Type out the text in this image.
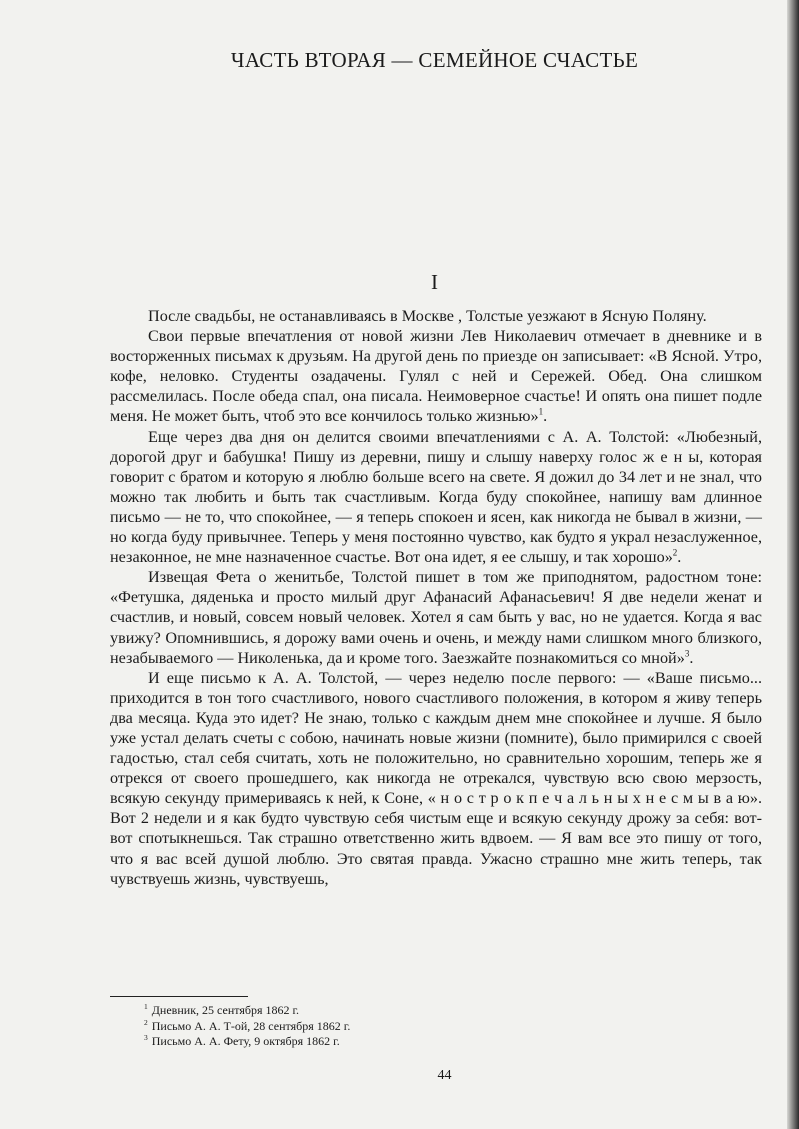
ЧАСТЬ ВТОРАЯ — СЕМЕЙНОЕ СЧАСТЬЕ
I

После свадьбы, не останавливаясь в Москве , Толстые уезжают в Ясную Поляну.

Свои первые впечатления от новой жизни Лев Николаевич отмечает в дневнике и в восторженных письмах к друзьям. На другой день по приезде он записывает: «В Ясной. Утро, кофе, неловко. Студенты озадачены. Гулял с ней и Сережей. Обед. Она слишком рассмелилась. После обеда спал, она писала. Неимоверное счастье! И опять она пишет подле меня. Не может быть, чтоб это все кончилось только жизнью»$^1$.

Еще через два дня он делится своими впечатлениями с А. А. Толстой: «Любезный, дорогой друг и бабушка! Пишу из деревни, пишу и слышу наверху голос ж е н ы, которая говорит с братом и которую я люблю больше всего на свете. Я дожил до 34 лет и не знал, что можно так любить и быть так счастливым. Когда буду спокойнее, напишу вам длинное письмо — не то, что спокойнее, — я теперь спокоен и ясен, как никогда не бывал в жизни, — но когда буду привычнее. Теперь у меня постоянно чувство, как будто я украл незаслуженное, незаконное, не мне назначенное счастье. Вот она идет, я ее слышу, и так хорошо»$^2$.

Извещая Фета о женитьбе, Толстой пишет в том же приподнятом, радостном тоне: «Фетушка, дяденька и просто милый друг Афанасий Афанасьевич! Я две недели женат и счастлив, и новый, совсем новый человек. Хотел я сам быть у вас, но не удается. Когда я вас увижу? Опомнившись, я дорожу вами очень и очень, и между нами слишком много близкого, незабываемого — Николенька, да и кроме того. Заезжайте познакомиться со мной»$^3$.

И еще письмо к А. А. Толстой, — через неделю после первого: — «Ваше письмо... приходится в тон того счастливого, нового счастливого положения, в котором я живу теперь два месяца. Куда это идет? Не знаю, только с каждым днем мне спокойнее и лучше. Я было уже устал делать счеты с собою, начинать новые жизни (помните), было примирился с своей гадостью, стал себя считать, хоть не положительно, но сравнительно хорошим, теперь же я отрекся от своего прошедшего, как никогда не отрекался, чувствую всю свою мерзость, всякую секунду примериваясь к ней, к Соне, « н о с т р о к п е ч а л ь н ы х н е с м ы в а ю». Вот 2 недели и я как будто чувствую себя чистым еще и всякую секунду дрожу за себя: вот-вот спотыкнешься. Так страшно ответственно жить вдвоем. — Я вам все это пишу от того, что я вас всей душой люблю. Это святая правда. Ужасно страшно мне жить теперь, так чувствуешь жизнь, чувствуешь,

$^1$ Дневник, 25 сентября 1862 г.
$^2$ Письмо А. А. Т-ой, 28 сентября 1862 г.
$^3$ Письмо А. А. Фету, 9 октября 1862 г.
44
